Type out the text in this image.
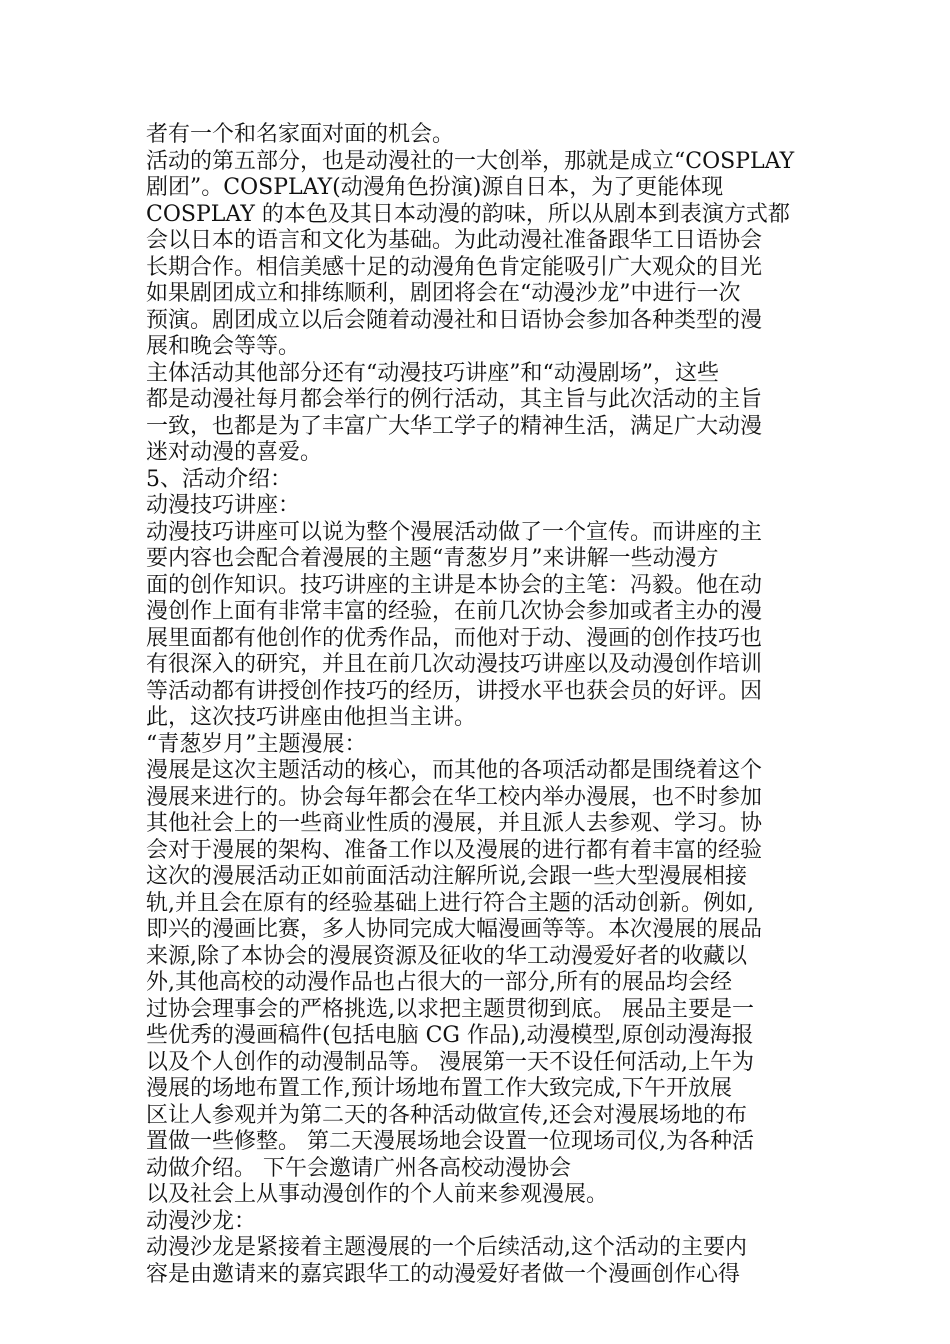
者有一个和名家面对面的机会。
活动的第五部分，也是动漫社的一大创举，那就是成立“COSPLAY
剧团”。COSPLAY(动漫角色扮演)源自日本，为了更能体现
COSPLAY 的本色及其日本动漫的韵味，所以从剧本到表演方式都
会以日本的语言和文化为基础。为此动漫社准备跟华工日语协会
长期合作。相信美感十足的动漫角色肯定能吸引广大观众的目光
如果剧团成立和排练顺利，剧团将会在“动漫沙龙”中进行一次
预演。剧团成立以后会随着动漫社和日语协会参加各种类型的漫
展和晚会等等。
主体活动其他部分还有“动漫技巧讲座”和“动漫剧场”，这些
都是动漫社每月都会举行的例行活动，其主旨与此次活动的主旨
一致，也都是为了丰富广大华工学子的精神生活，满足广大动漫
迷对动漫的喜爱。
5、活动介绍：
动漫技巧讲座：
动漫技巧讲座可以说为整个漫展活动做了一个宣传。而讲座的主
要内容也会配合着漫展的主题“青葱岁月”来讲解一些动漫方
面的创作知识。技巧讲座的主讲是本协会的主笔：冯毅。他在动
漫创作上面有非常丰富的经验，在前几次协会参加或者主办的漫
展里面都有他创作的优秀作品，而他对于动、漫画的创作技巧也
有很深入的研究，并且在前几次动漫技巧讲座以及动漫创作培训
等活动都有讲授创作技巧的经历，讲授水平也获会员的好评。因
此，这次技巧讲座由他担当主讲。
“青葱岁月”主题漫展：
漫展是这次主题活动的核心，而其他的各项活动都是围绕着这个
漫展来进行的。协会每年都会在华工校内举办漫展，也不时参加
其他社会上的一些商业性质的漫展，并且派人去参观、学习。协
会对于漫展的架构、准备工作以及漫展的进行都有着丰富的经验
这次的漫展活动正如前面活动注解所说,会跟一些大型漫展相接
轨,并且会在原有的经验基础上进行符合主题的活动创新。例如,
即兴的漫画比赛，多人协同完成大幅漫画等等。本次漫展的展品
来源,除了本协会的漫展资源及征收的华工动漫爱好者的收藏以
外,其他高校的动漫作品也占很大的一部分,所有的展品均会经
过协会理事会的严格挑选,以求把主题贯彻到底。 展品主要是一
些优秀的漫画稿件(包括电脑 CG 作品),动漫模型,原创动漫海报
以及个人创作的动漫制品等。 漫展第一天不设任何活动,上午为
漫展的场地布置工作,预计场地布置工作大致完成,下午开放展
区让人参观并为第二天的各种活动做宣传,还会对漫展场地的布
置做一些修整。 第二天漫展场地会设置一位现场司仪,为各种活
动做介绍。 下午会邀请广州各高校动漫协会
以及社会上从事动漫创作的个人前来参观漫展。
动漫沙龙：
动漫沙龙是紧接着主题漫展的一个后续活动,这个活动的主要内
容是由邀请来的嘉宾跟华工的动漫爱好者做一个漫画创作心得
